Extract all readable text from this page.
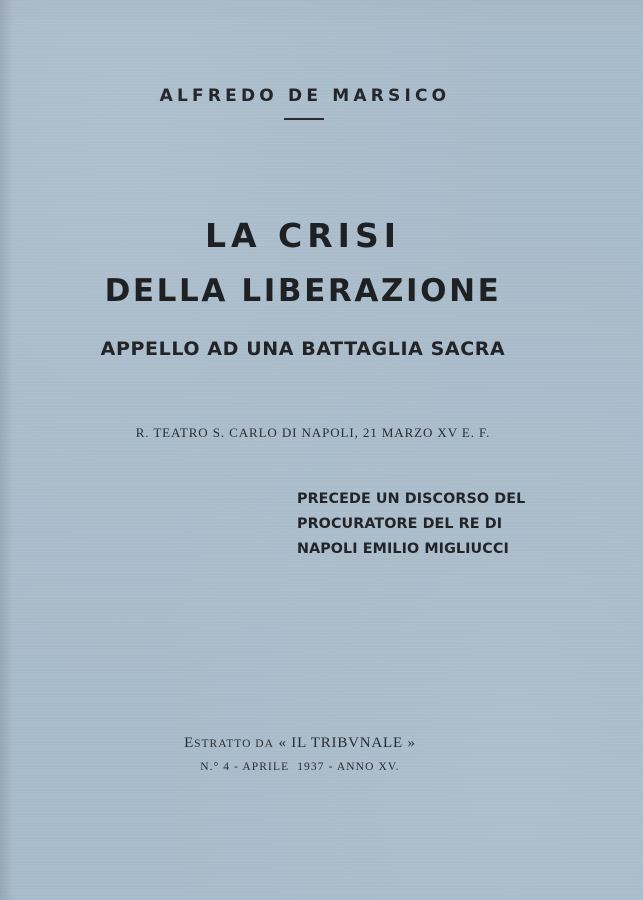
ALFREDO DE MARSICO
LA CRISI
DELLA LIBERAZIONE
APPELLO AD UNA BATTAGLIA SACRA
R. TEATRO S. CARLO DI NAPOLI, 21 MARZO XV E. F.
PRECEDE UN DISCORSO DEL
PROCURATORE DEL RE DI
NAPOLI EMILIO MIGLIUCCI
ESTRATTO DA « IL TRIBVNALE »
N.° 4 - APRILE 1937 - ANNO XV.
